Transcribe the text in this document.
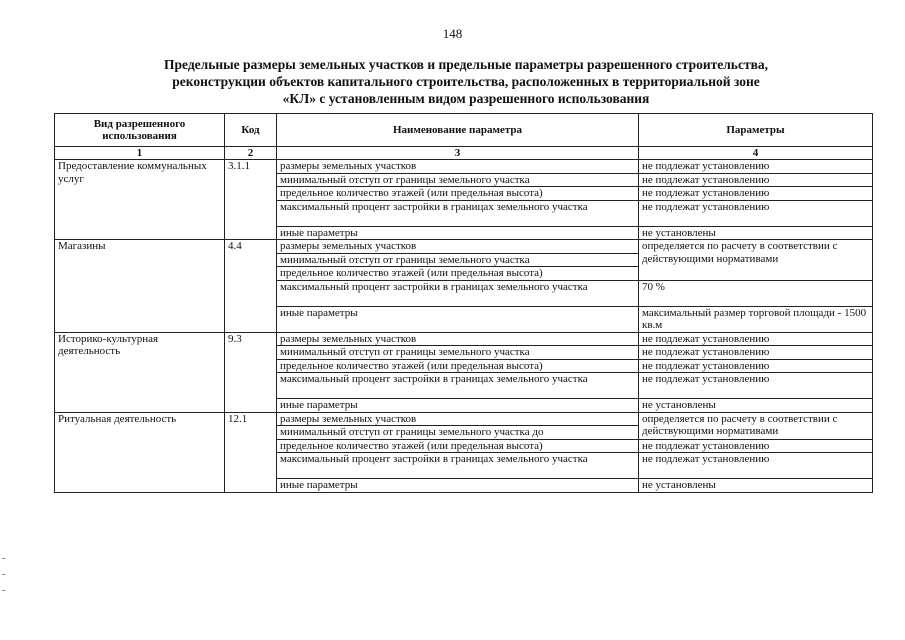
148
Предельные размеры земельных участков и предельные параметры разрешенного строительства,
реконструкции объектов капитального строительства, расположенных в территориальной зоне
«КЛ» с установленным видом разрешенного использования
Вид разрешенного использования	Код	Наименование параметра	Параметры
1	2	3	4
Предоставление коммунальных услуг	3.1.1	размеры земельных участков	не подлежат установлению
		минимальный отступ от границы земельного участка	не подлежат установлению
		предельное количество этажей (или предельная высота)	не подлежат установлению
		максимальный процент застройки в границах земельного участка	не подлежат установлению
		иные параметры	не установлены
Магазины	4.4	размеры земельных участков	определяется по расчету в соответствии с действующими нормативами
		минимальный отступ от границы земельного участка	
		предельное количество этажей (или предельная высота)	
		максимальный процент застройки в границах земельного участка	70 %
		иные параметры	максимальный размер торговой площади - 1500 кв.м
Историко-культурная деятельность	9.3	размеры земельных участков	не подлежат установлению
		минимальный отступ от границы земельного участка	не подлежат установлению
		предельное количество этажей (или предельная высота)	не подлежат установлению
		максимальный процент застройки в границах земельного участка	не подлежат установлению
		иные параметры	не установлены
Ритуальная деятельность	12.1	размеры земельных участков	определяется по расчету в соответствии с действующими нормативами
		минимальный отступ от границы земельного участка до	
		предельное количество этажей (или предельная высота)	не подлежат установлению
		максимальный процент застройки в границах земельного участка	не подлежат установлению
		иные параметры	не установлены
